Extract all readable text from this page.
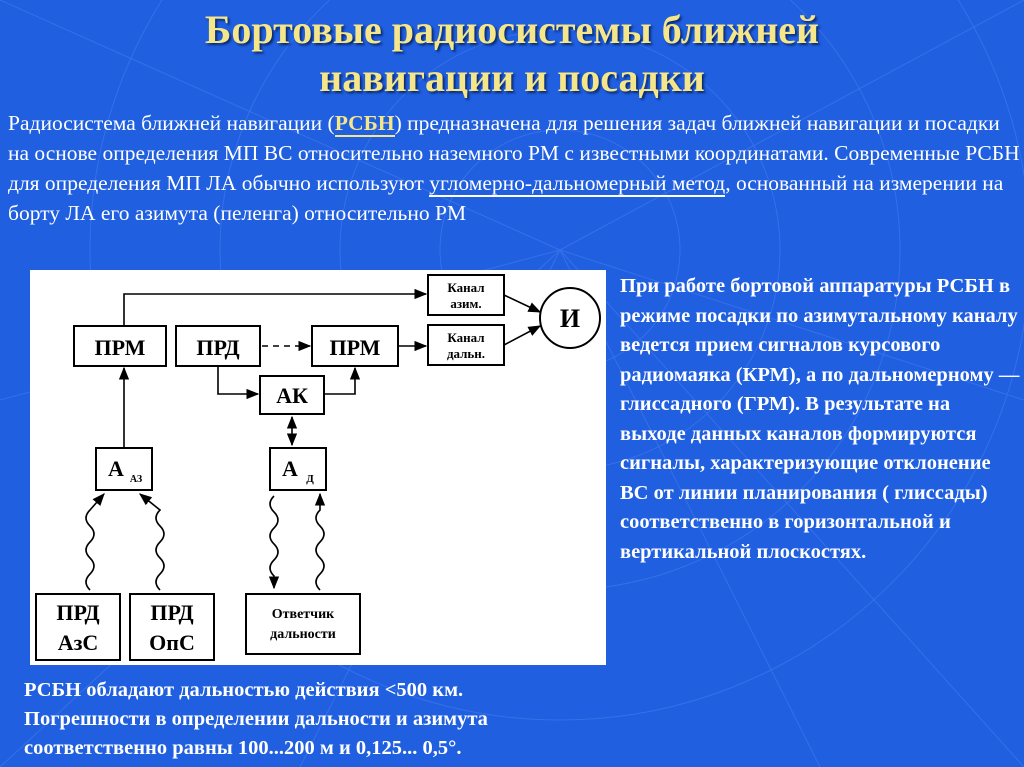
Бортовые радиосистемы ближней
навигации и посадки
Радиосистема ближней навигации (РСБН) предназначена для решения задач ближней навигации и посадки на основе определения МП ВС относительно наземного РМ с известными координатами. Современные РСБН для определения МП ЛА обычно используют угломерно-дальномерный метод, основанный на измерении на борту ЛА его азимута (пеленга) относительно РМ
ПРМ ПРД	ПРМ
АК
Канал
азим.
Канал
дальн.
И
А АЗ	А Д
ПРД
АзС
ПРД
ОпС
Ответчик
дальности
При работе бортовой аппаратуры РСБН в режиме посадки по азимутальному каналу ведется прием сигналов курсового радиомаяка (КРМ), а по дальномерному — глиссадного (ГРМ). В результате на выходе данных каналов формируются сигналы, характеризующие отклонение ВС от линии планирования ( глиссады) соответственно в горизонтальной и вертикальной плоскостях.
РСБН обладают дальностью действия <500 км.
Погрешности в определении дальности и азимута
соответственно равны 100...200 м и 0,125... 0,5°.
